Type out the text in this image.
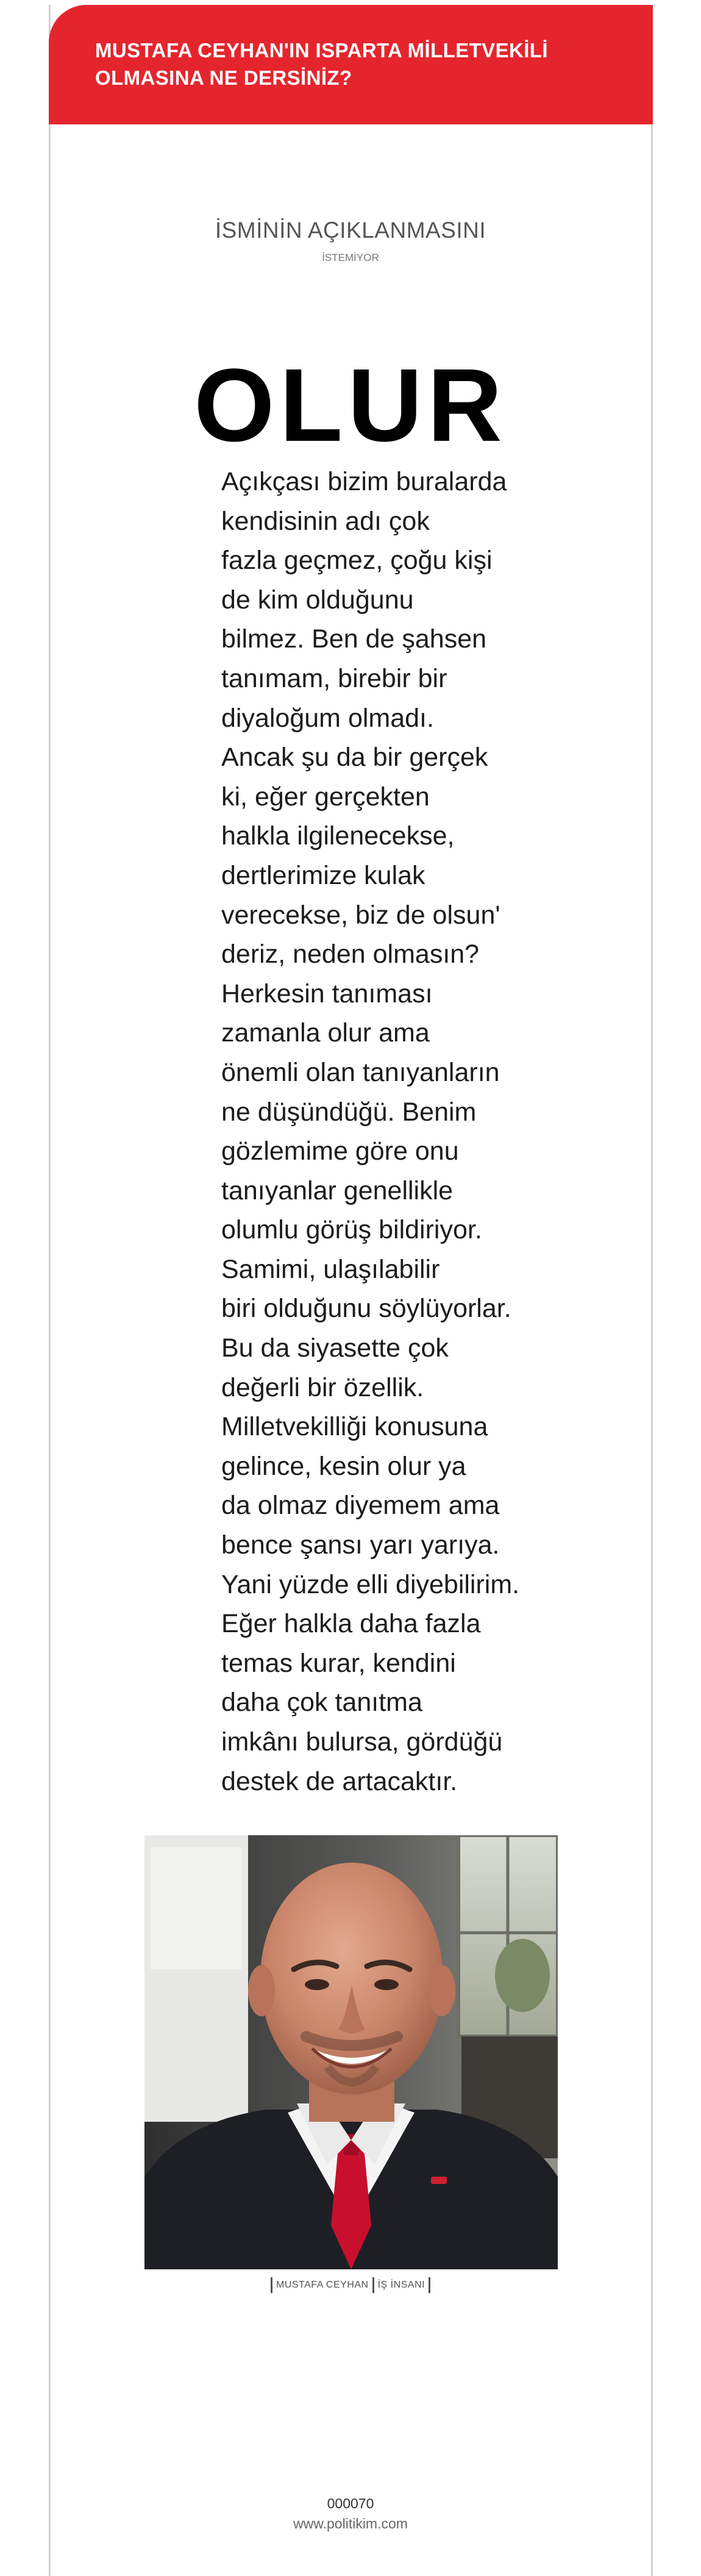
MUSTAFA CEYHAN'IN ISPARTA MİLLETVEKİLİ OLMASINA NE DERSİNİZ?
İSMİNİN AÇIKLANMASINI

İSTEMİYOR

OLUR
Açıkçası bizim buralarda
kendisinin adı çok
fazla geçmez, çoğu kişi
de kim olduğunu
bilmez. Ben de şahsen
tanımam, birebir bir
diyaloğum olmadı.
Ancak şu da bir gerçek
ki, eğer gerçekten
halkla ilgilenecekse,
dertlerimize kulak
verecekse, biz de olsun'
deriz, neden olmasın?
Herkesin tanıması
zamanla olur ama
önemli olan tanıyanların
ne düşündüğü. Benim
gözlemime göre onu
tanıyanlar genellikle
olumlu görüş bildiriyor.
Samimi, ulaşılabilir
biri olduğunu söylüyorlar.
Bu da siyasette çok
değerli bir özellik.
Milletvekilliği konusuna
gelince, kesin olur ya
da olmaz diyemem ama
bence şansı yarı yarıya.
Yani yüzde elli diyebilirim.
Eğer halkla daha fazla
temas kurar, kendini
daha çok tanıtma
imkânı bulursa, gördüğü
destek de artacaktır.
MUSTAFA CEYHAN İŞ İNSANI
000070
www.politikim.com
